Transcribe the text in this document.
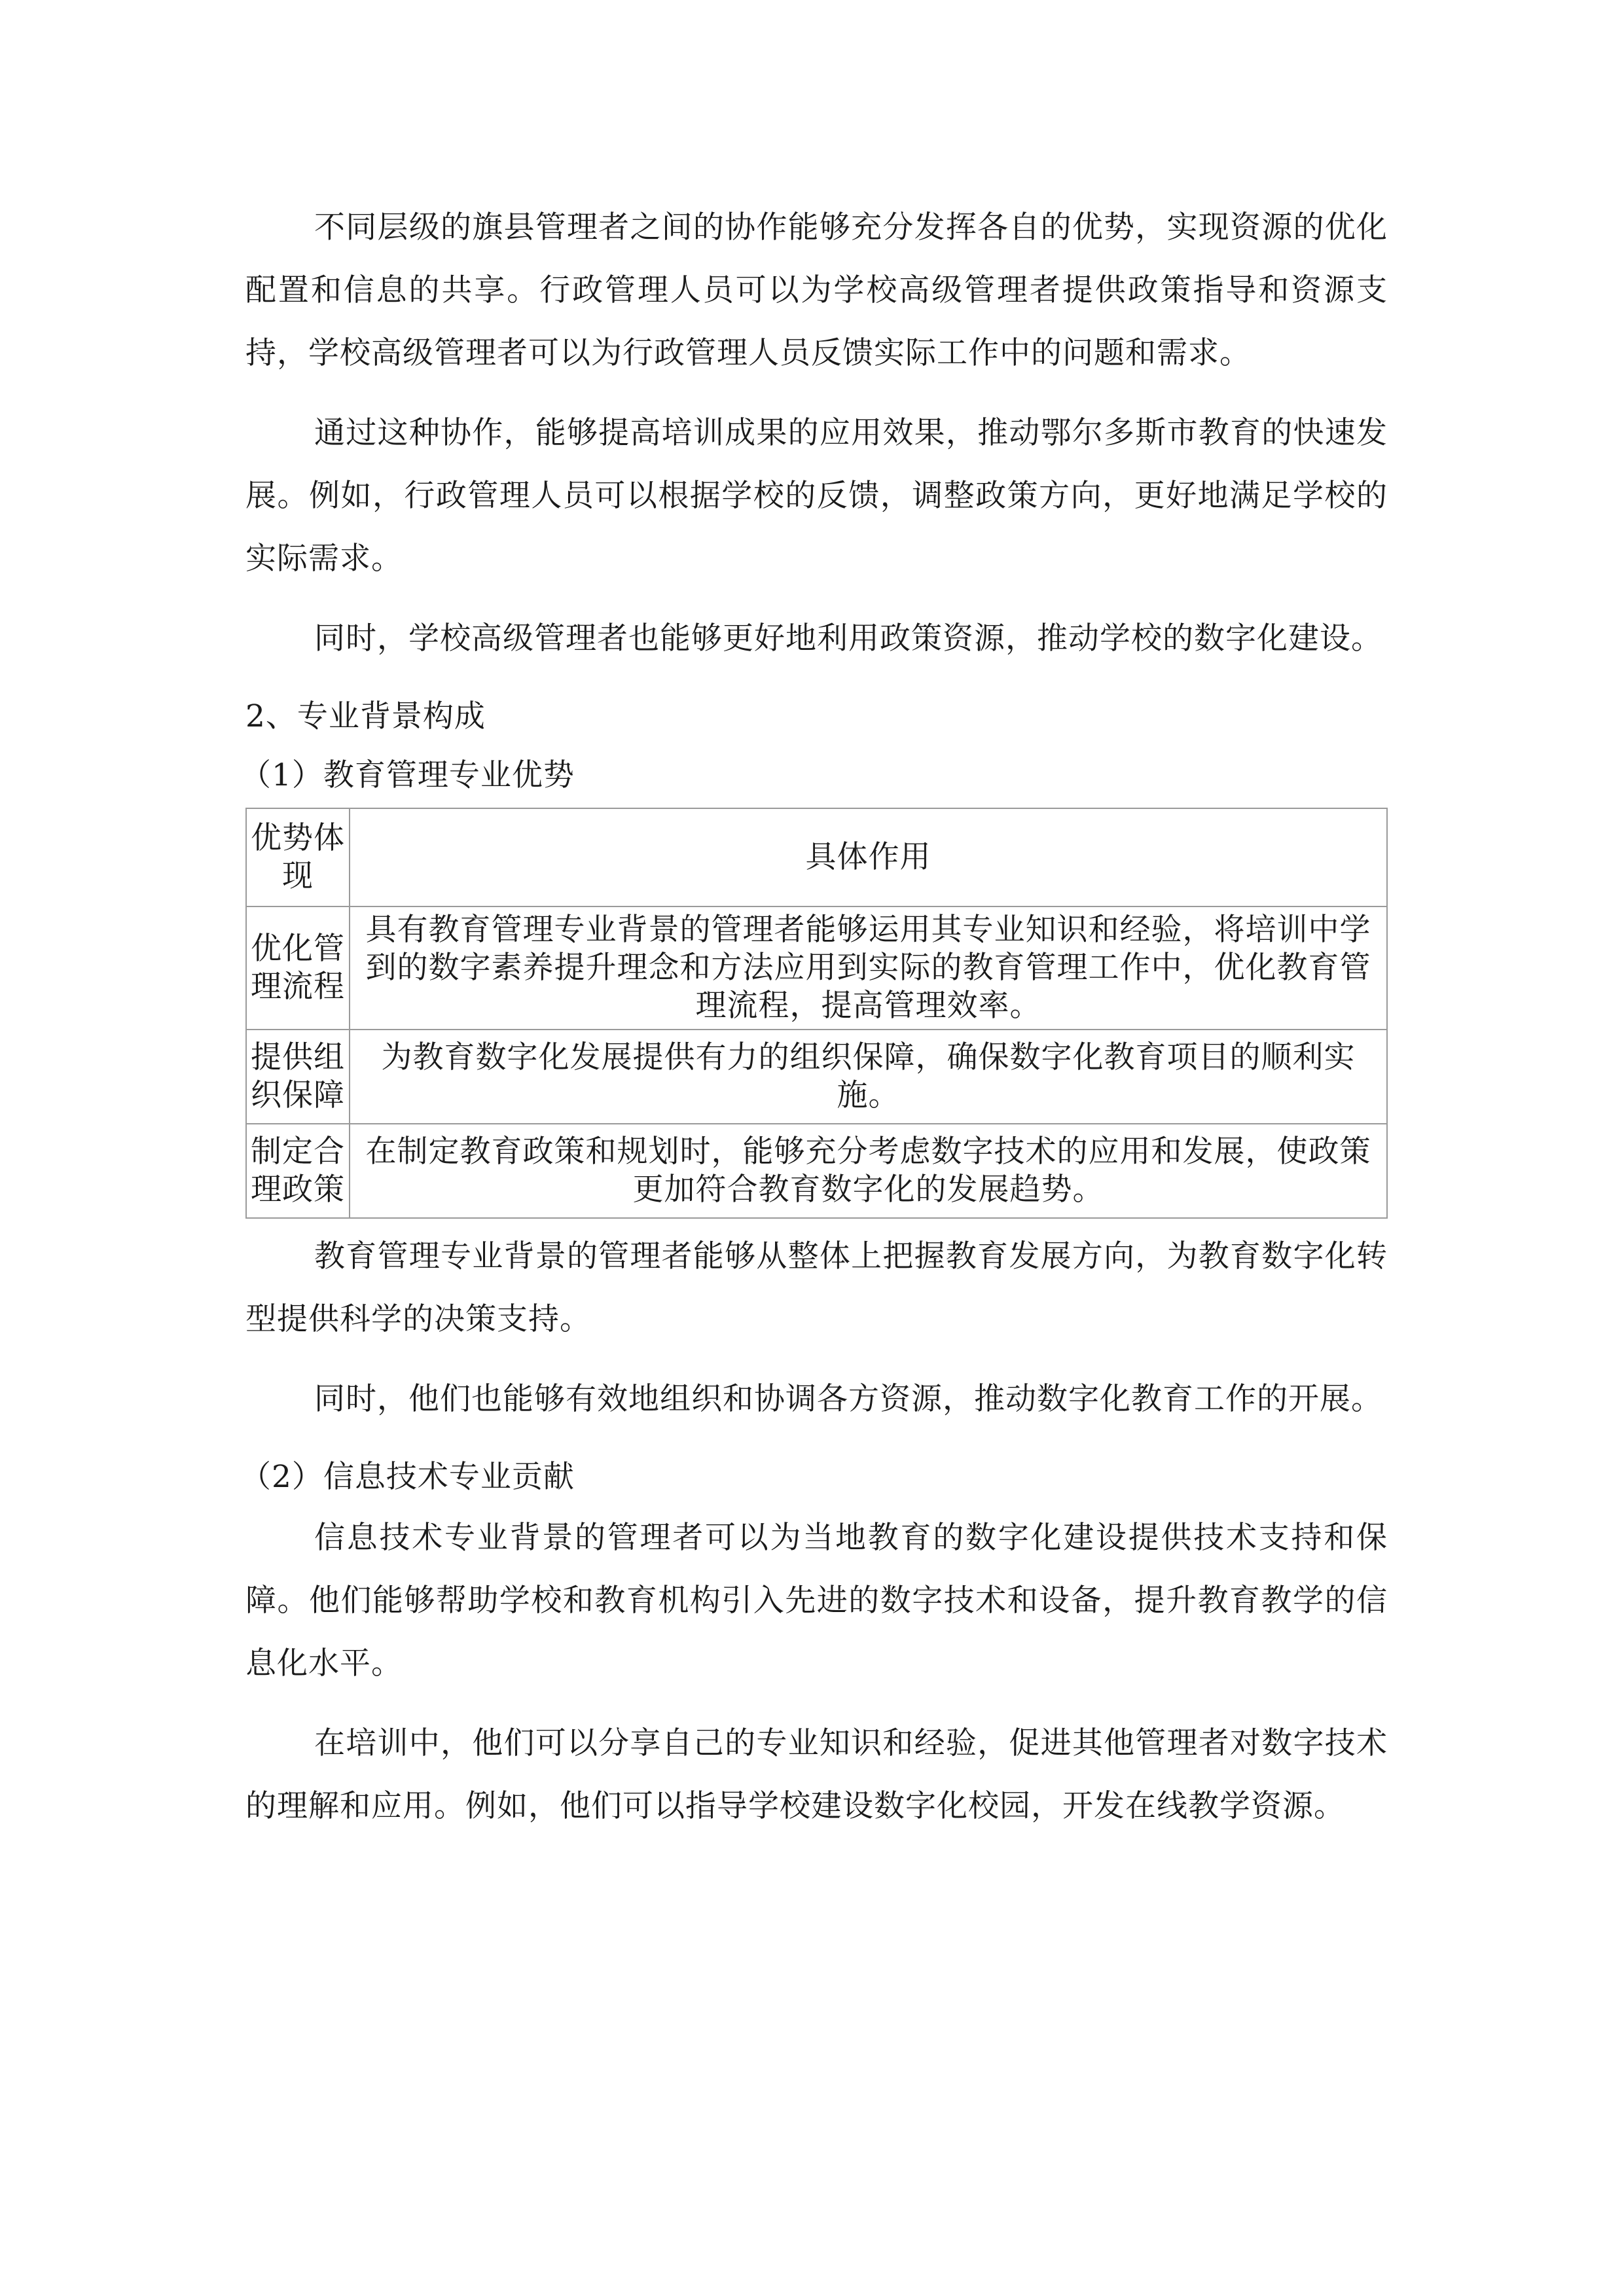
不同层级的旗县管理者之间的协作能够充分发挥各自的优势，实现资源的优化配置和信息的共享。行政管理人员可以为学校高级管理者提供政策指导和资源支持，学校高级管理者可以为行政管理人员反馈实际工作中的问题和需求。

通过这种协作，能够提高培训成果的应用效果，推动鄂尔多斯市教育的快速发展。例如，行政管理人员可以根据学校的反馈，调整政策方向，更好地满足学校的实际需求。

同时，学校高级管理者也能够更好地利用政策资源，推动学校的数字化建设。

2、专业背景构成

（1）教育管理专业优势

优势体现	具体作用
优化管理流程	具有教育管理专业背景的管理者能够运用其专业知识和经验，将培训中学到的数字素养提升理念和方法应用到实际的教育管理工作中，优化教育管理流程，提高管理效率。
提供组织保障	为教育数字化发展提供有力的组织保障，确保数字化教育项目的顺利实施。
制定合理政策	在制定教育政策和规划时，能够充分考虑数字技术的应用和发展，使政策更加符合教育数字化的发展趋势。

教育管理专业背景的管理者能够从整体上把握教育发展方向，为教育数字化转型提供科学的决策支持。

同时，他们也能够有效地组织和协调各方资源，推动数字化教育工作的开展。

（2）信息技术专业贡献

信息技术专业背景的管理者可以为当地教育的数字化建设提供技术支持和保障。他们能够帮助学校和教育机构引入先进的数字技术和设备，提升教育教学的信息化水平。

在培训中，他们可以分享自己的专业知识和经验，促进其他管理者对数字技术的理解和应用。例如，他们可以指导学校建设数字化校园，开发在线教学资源。
